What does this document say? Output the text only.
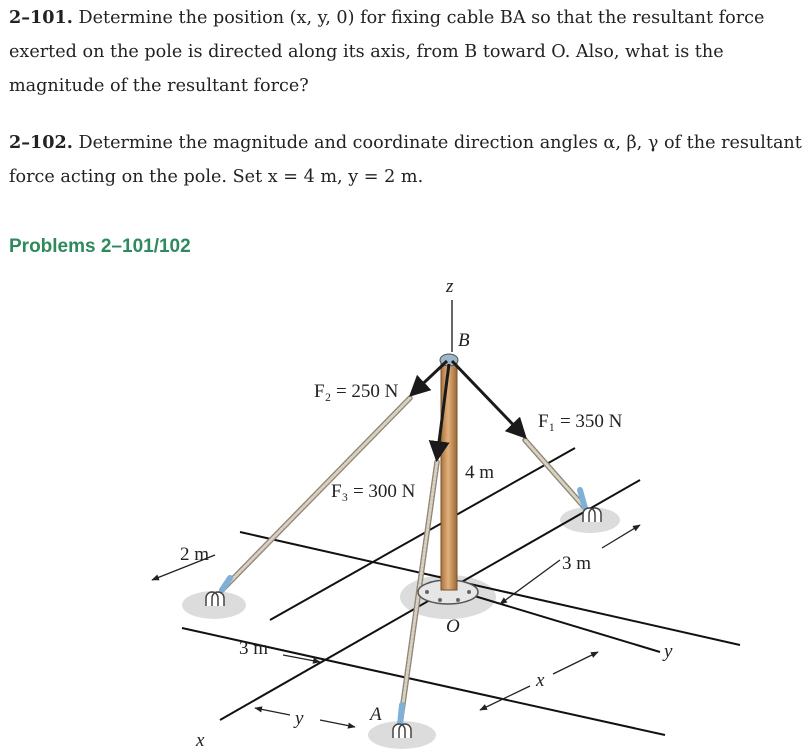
2–101. Determine the position (x, y, 0) for fixing cable BA so that the resultant force exerted on the pole is directed along its axis, from B toward O. Also, what is the magnitude of the resultant force?
2–102. Determine the magnitude and coordinate direction angles α, β, γ of the resultant force acting on the pole. Set x = 4 m, y = 2 m.
Problems 2–101/102
z
B
F₂ = 250 N
F₁ = 350 N
F₃ = 300 N
4 m
2 m
3 m
3 m
O
y
x
x
y	A
